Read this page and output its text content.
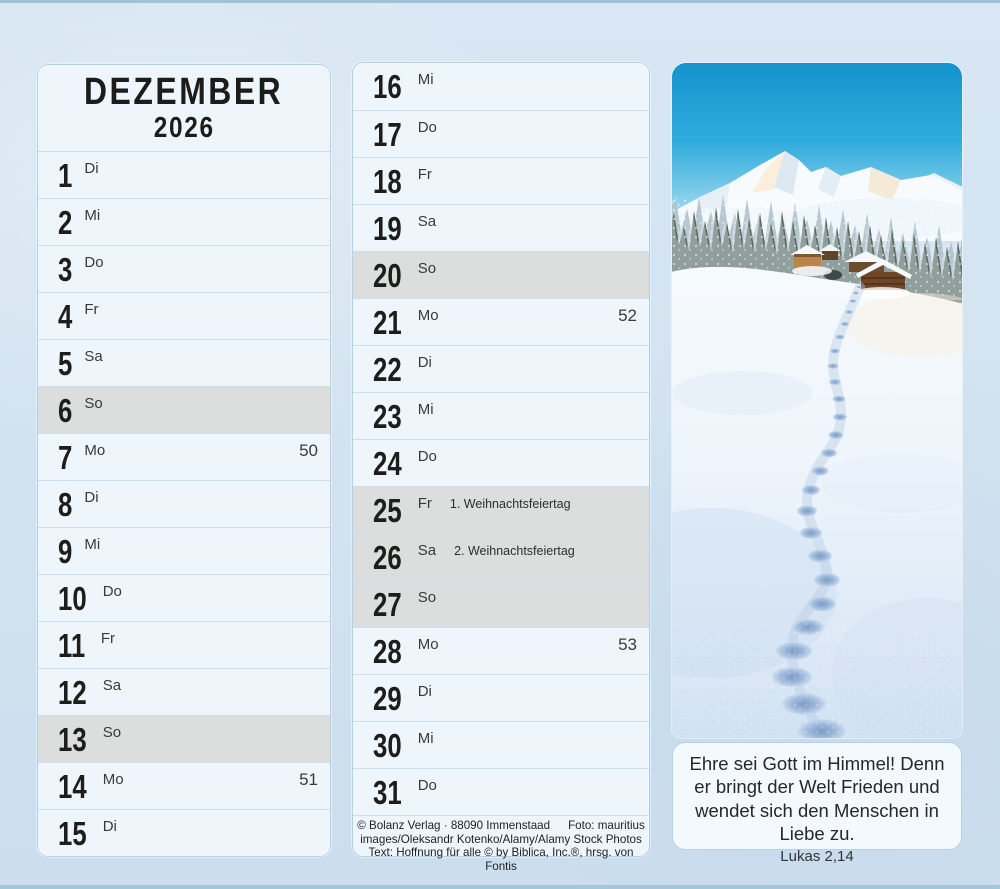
DEZEMBER
2026
1 Di
2 Mi
3 Do
4 Fr
5 Sa
6 So
7 Mo	50
8 Di
9 Mi
10 Do
11 Fr
12 Sa
13 So
14 Mo	51
15 Di
16 Mi
17 Do
18 Fr
19 Sa
20 So
21 Mo	52
22 Di
23 Mi
24 Do
25 Fr 1. Weihnachtsfeiertag
26 Sa 2. Weihnachtsfeiertag
27 So
28 Mo	53
29 Di
30 Mi
31 Do
© Bolanz Verlag · 88090 Immenstaad   Foto: mauritius
images/Oleksandr Kotenko/Alamy/Alamy Stock Photos
Text: Hoffnung für alle © by Biblica, Inc.®, hrsg. von Fontis
Ehre sei Gott im Himmel! Denn er bringt der Welt Frieden und wendet sich den Menschen in Liebe zu.
Lukas 2,14
